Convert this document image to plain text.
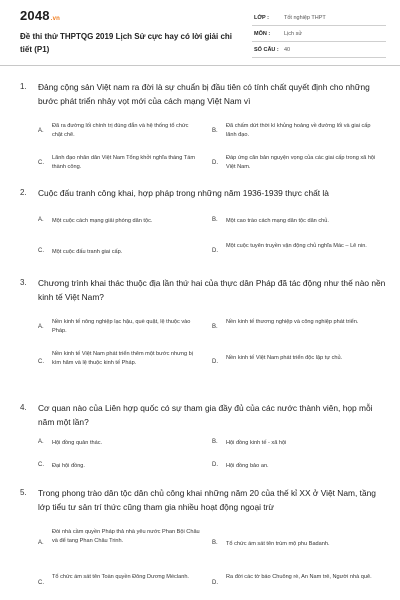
2048.vn
Đề thi thử THPTQG 2019 Lịch Sử cực hay có lời giải chi tiết (P1)
LỚP :	Tốt nghiệp THPT
MÔN :	Lịch sử
SỐ CÂU : 40
1. Đảng cộng sản Việt nam ra đời là sự chuẩn bị đầu tiên có tính chất quyết định cho những bước phát triển nhảy vọt mới của cách mạng Việt Nam vì
A.
Đã ra đường lối chính trị đúng đắn và hệ thống tổ chức chặt chẽ.
B.
Đã chấm dứt thời kì khủng hoảng về đường lối và giai cấp lãnh đạo.
C.
Lãnh đạo nhân dân Việt Nam Tổng khởi nghĩa tháng Tám thành công.
D.
Đáp ứng căn bản nguyện vọng của các giai cấp trong xã hội Việt Nam.
2. Cuộc đấu tranh công khai, hợp pháp trong những năm 1936-1939 thực chất là
A. Một cuộc cách mạng giải phóng dân tộc.	B. Một cao trào cách mạng dân tộc dân chủ.
C. Một cuộc đấu tranh giai cấp.	D.
Một cuộc tuyên truyền vận động chủ nghĩa Mác – Lê nin.
3. Chương trình khai thác thuộc địa lần thứ hai của thực dân Pháp đã tác động như thế nào nền kinh tế Việt Nam?
A.
Nền kinh tế nông nghiệp lạc hậu, què quặt, lệ thuộc vào Pháp.
B.
Nền kinh tế thương nghiệp và công nghiệp phát triển.
C.
Nền kinh tế Việt Nam phát triển thêm một bước nhưng bị kìm hãm và lệ thuộc kinh tế Pháp.	D.
Nền kinh tế Việt Nam phát triển độc lập tự chủ.
4. Cơ quan nào của Liên hợp quốc có sự tham gia đầy đủ của các nước thành viên, họp mỗi năm một lần?
A. Hội đồng quản thác.	B. Hội đồng kinh tế - xã hội
C. Đại hội đồng.	D. Hội đồng bảo an.
5. Trong phong trào dân tộc dân chủ công khai những năm 20 của thế kỉ XX ở Việt Nam, tầng lớp tiểu tư sản trí thức cũng tham gia nhiều hoạt động ngoại trừ
A.
Đòi nhà cầm quyền Pháp thả nhà yêu nước Phan Bội Châu và để tang Phan Châu Trinh.	B. Tổ chức ám sát tên trùm mộ phu Badanh.
C.
Tổ chức ám sát tên Toàn quyền Đông Dương Méclanh.
D.
Ra đời các tờ báo Chuông rè, An Nam trẻ, Người nhà quê.
